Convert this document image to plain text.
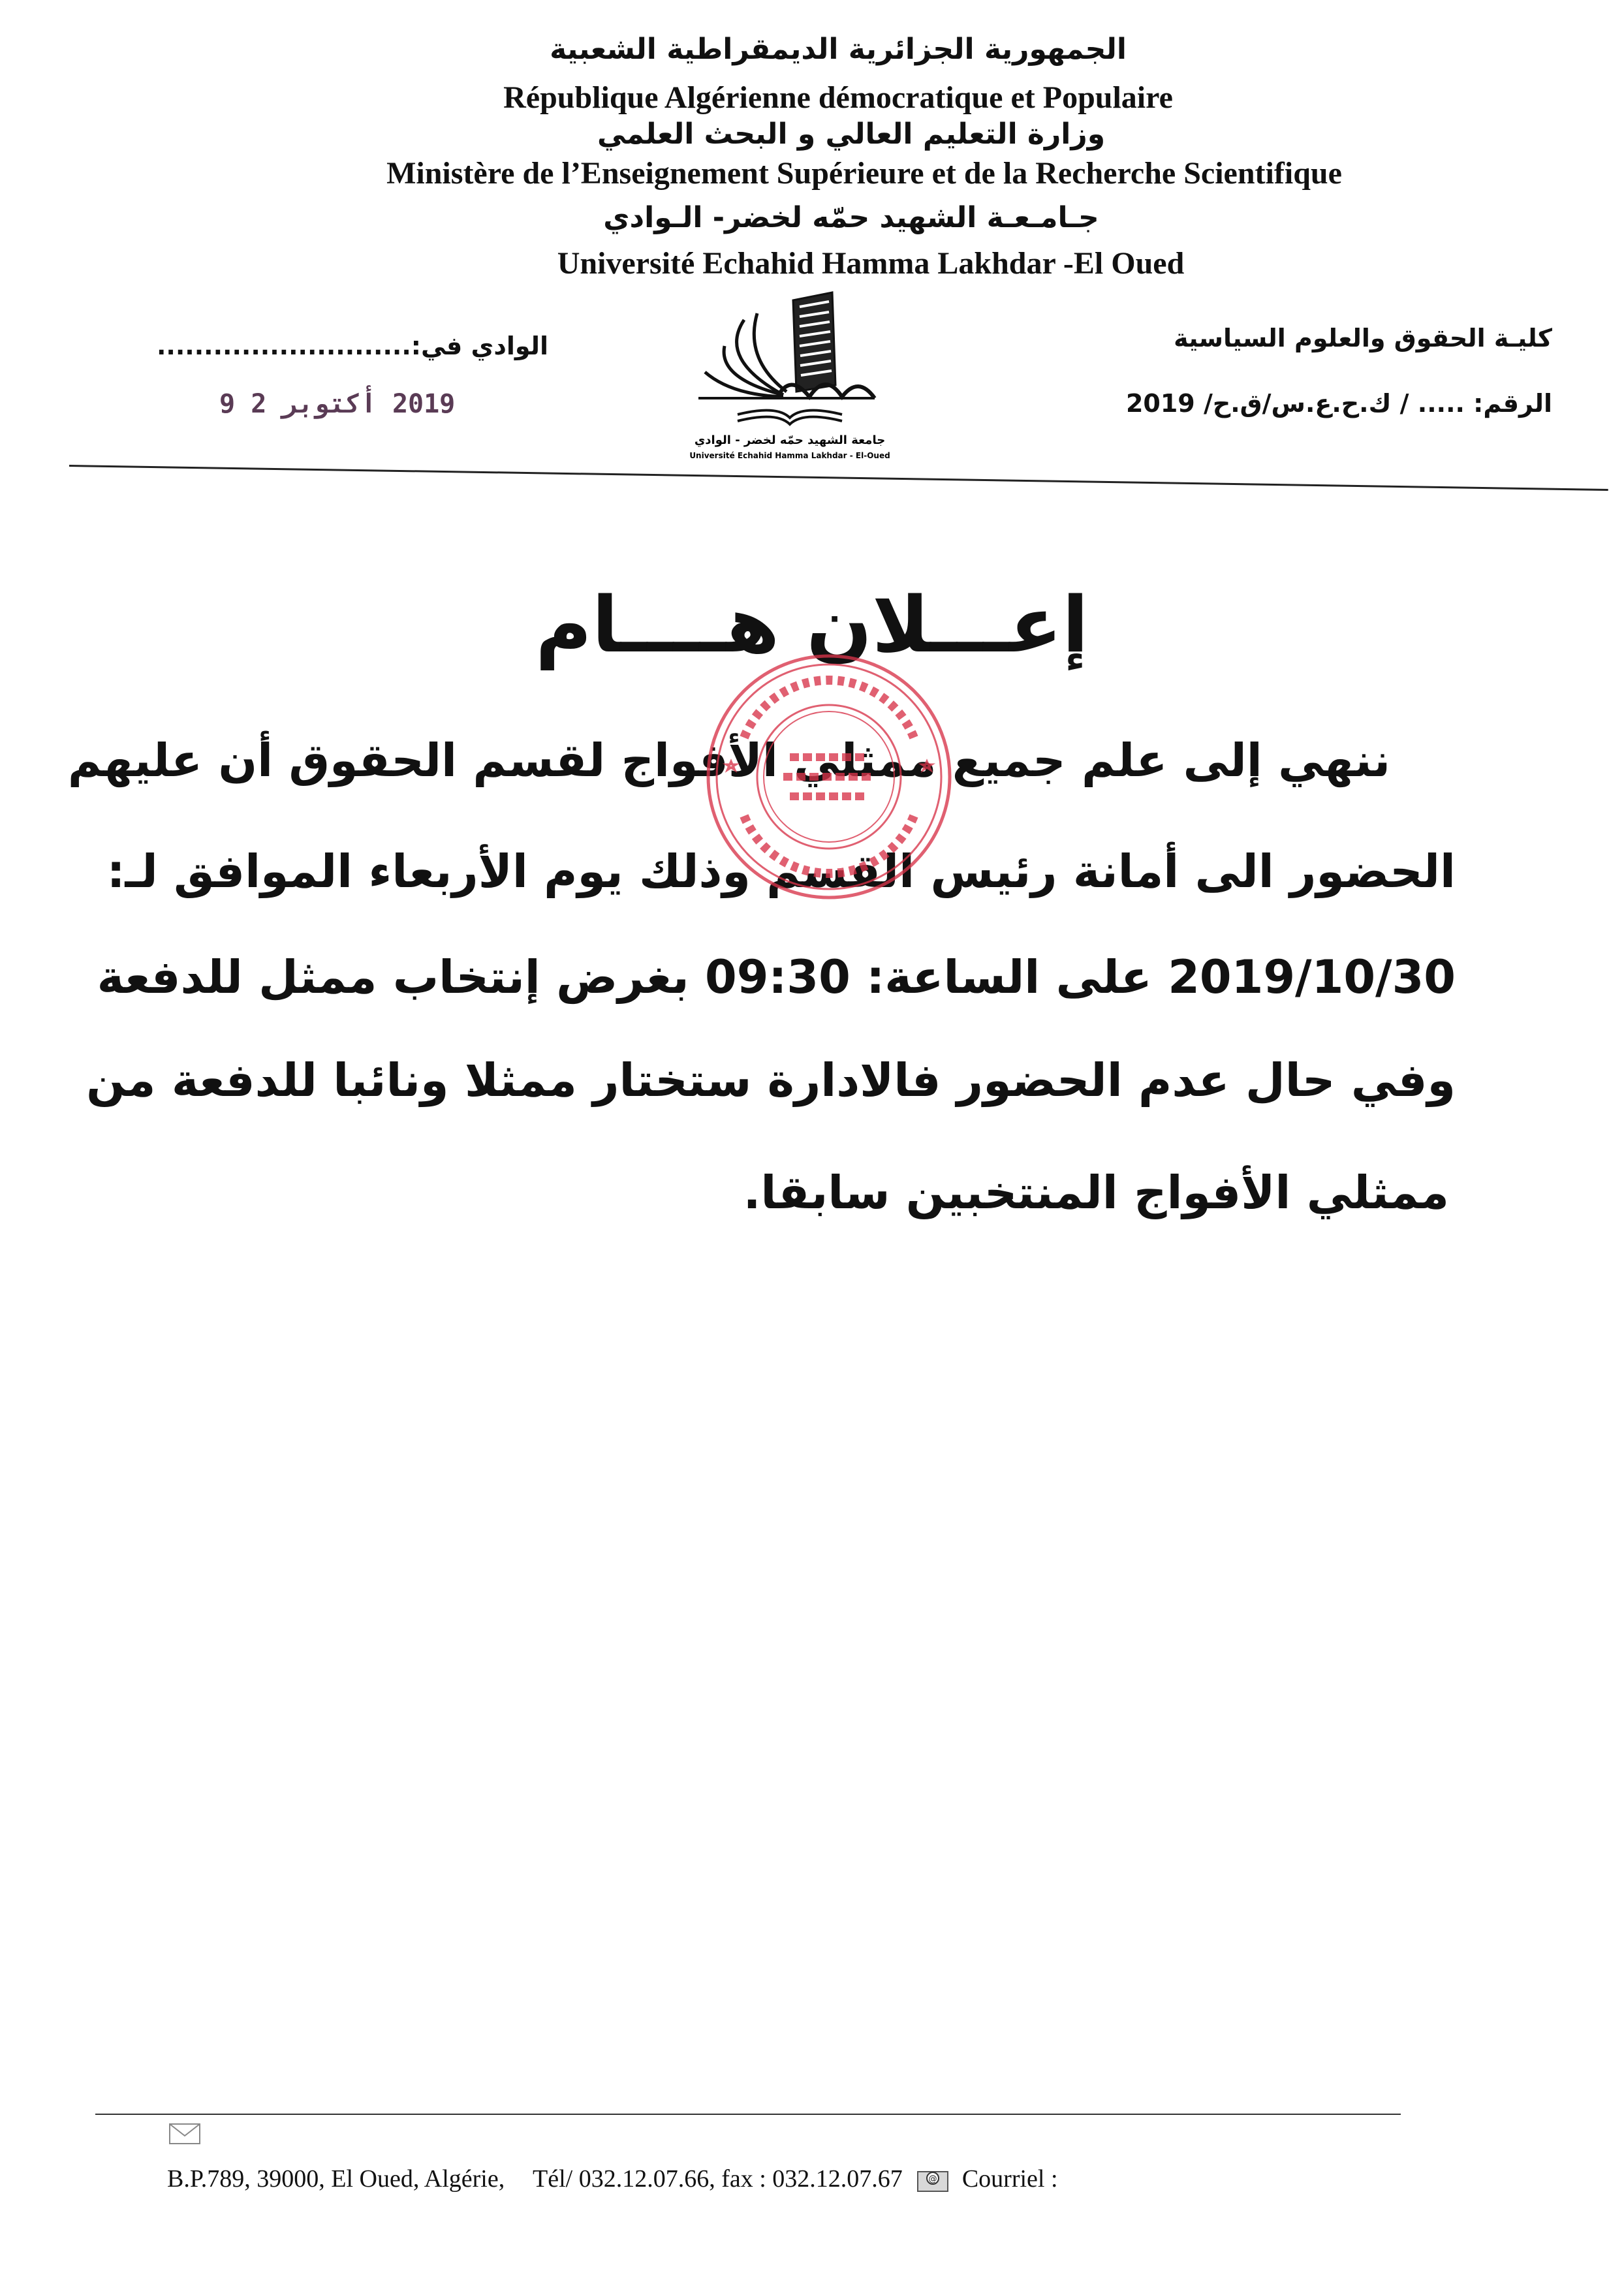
الجمهورية الجزائرية الديمقراطية الشعبية
République Algérienne démocratique et Populaire
وزارة التعليم العالي و البحث العلمي
Ministère de l’Enseignement Supérieure et de la Recherche Scientifique
جـامـعـة الشهيد حمّه لخضر- الـوادي
Université Echahid Hamma Lakhdar -El Oued
كليـة الحقوق والعلوم السياسية
الرقم: ..... / ك.ح.ع.س/ق.ح/ 2019
الوادي في:...........................
2019 أكتوبر 2 9
جامعة الشهيد حمّه لخضر - الوادي
Université Echahid Hamma Lakhdar - El-Oued
إعـــلان هــــام
ننهي إلى علم جميع ممثلي الأفواج لقسم الحقوق أن عليهم
الحضور الى أمانة رئيس القسم وذلك يوم الأربعاء الموافق لـ:
2019/10/30 على الساعة: 09:30 بغرض إنتخاب ممثل للدفعة
وفي حال عدم الحضور فالادارة ستختار ممثلا ونائبا للدفعة من
ممثلي الأفواج المنتخبين سابقا.
B.P.789, 39000, El Oued, Algérie, Tél/ 032.12.07.66, fax : 032.12.07.67	@ Courriel :
